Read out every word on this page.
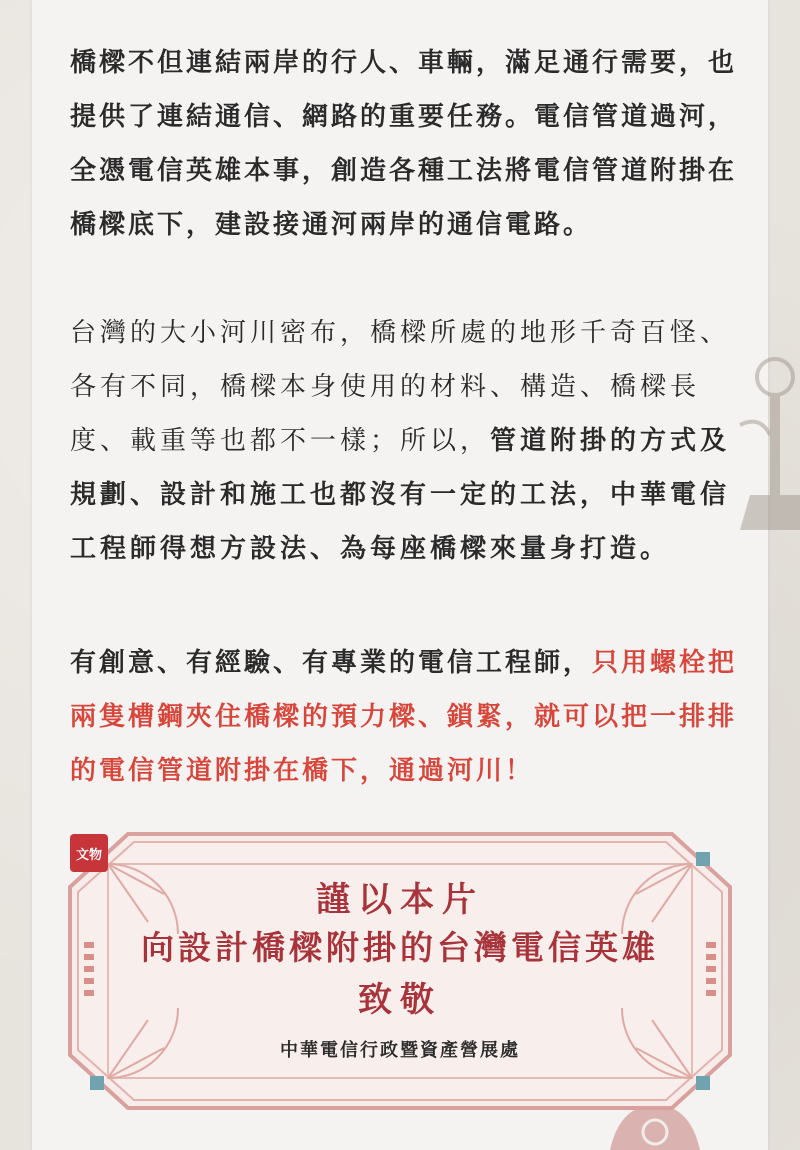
橋樑不但連結兩岸的行人、車輛，滿足通行需要，也提供了連結通信、網路的重要任務。電信管道過河，全憑電信英雄本事，創造各種工法將電信管道附掛在橋樑底下，建設接通河兩岸的通信電路。
台灣的大小河川密布，橋樑所處的地形千奇百怪、各有不同，橋樑本身使用的材料、構造、橋樑長度、載重等也都不一樣；所以，管道附掛的方式及規劃、設計和施工也都沒有一定的工法，中華電信工程師得想方設法、為每座橋樑來量身打造。
有創意、有經驗、有專業的電信工程師，只用螺栓把兩隻槽鋼夾住橋樑的預力樑、鎖緊，就可以把一排排的電信管道附掛在橋下，通過河川！
謹以本片
向設計橋樑附掛的台灣電信英雄
致敬
中華電信行政暨資產營展處
文物
